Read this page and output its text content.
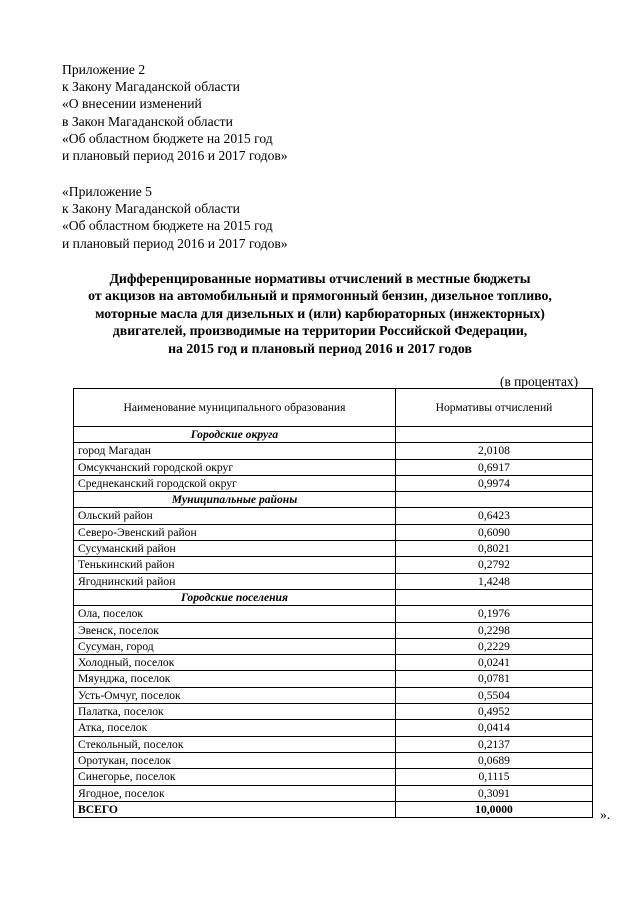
Приложение 2
к Закону Магаданской области
«О внесении изменений
в Закон Магаданской области
«Об областном бюджете на 2015 год
и плановый период 2016 и 2017 годов»
«Приложение 5
к Закону Магаданской области
«Об областном бюджете на 2015 год
и плановый период 2016 и 2017 годов»
Дифференцированные нормативы отчислений в местные бюджеты
от акцизов на автомобильный и прямогонный бензин, дизельное топливо,
моторные масла для дизельных и (или) карбюраторных (инжекторных)
двигателей, производимые на территории Российской Федерации,
на 2015 год и плановый период 2016 и 2017 годов
(в процентах)
Наименование муниципального образования	Нормативы отчислений
Городские округа	
город Магадан	2,0108
Омсукчанский городской округ	0,6917
Среднеканский городской округ	0,9974
Муниципальные районы	
Ольский район	0,6423
Северо-Эвенский район	0,6090
Сусуманский район	0,8021
Тенькинский район	0,2792
Ягоднинский район	1,4248
Городские поселения	
Ола, поселок	0,1976
Эвенск, поселок	0,2298
Сусуман, город	0,2229
Холодный, поселок	0,0241
Мяунджа, поселок	0,0781
Усть-Омчуг, поселок	0,5504
Палатка, поселок	0,4952
Атка, поселок	0,0414
Стекольный, поселок	0,2137
Оротукан, поселок	0,0689
Синегорье, поселок	0,1115
Ягодное, поселок	0,3091
ВСЕГО	10,0000	».
